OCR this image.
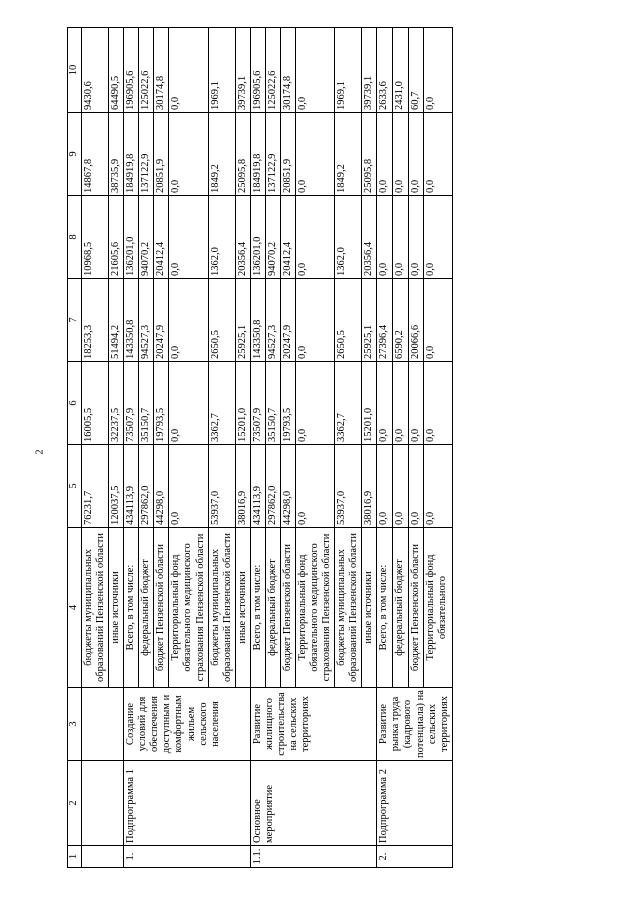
2
1	2	3	4	5	6	7	8	9	10
			бюджеты муниципальных образований Пензенской области	76231,7	16005,5	18253,3	10968,5	14867,8	9430,6
			иные источники	120037,5	32237,5	51494,2	21605,6	38735,9	64490,5
1.	Подпрограмма 1	Создание условий для обеспечения доступным и комфортным жильем сельского населения	Всего, в том числе:	434113,9	73507,9	143350,8	136201,0	184919,8	196905,6
			федеральный бюджет	297862,0	35150,7	94527,3	94070,2	137122,9	125022,6
			бюджет Пензенской области	44298,0	19793,5	20247,9	20412,4	20851,9	30174,8
			Территориальный фонд обязательного медицинского страхования Пензенской области	0,0	0,0	0,0	0,0	0,0	0,0
			бюджеты муниципальных образований Пензенской области	53937,0	3362,7	2650,5	1362,0	1849,2	1969,1
			иные источники	38016,9	15201,0	25925,1	20356,4	25095,8	39739,1
1.1.	Основное мероприятие	Развитие жилищного строительства на сельских территориях	Всего, в том числе:	434113,9	73507,9	143350,8	136201,0	184919,8	196905,6
			федеральный бюджет	297862,0	35150,7	94527,3	94070,2	137122,9	125022,6
			бюджет Пензенской области	44298,0	19793,5	20247,9	20412,4	20851,9	30174,8
			Территориальный фонд обязательного медицинского страхования Пензенской области	0,0	0,0	0,0	0,0	0,0	0,0
			бюджеты муниципальных образований Пензенской области	53937,0	3362,7	2650,5	1362,0	1849,2	1969,1
			иные источники	38016,9	15201,0	25925,1	20356,4	25095,8	39739,1
2.	Подпрограмма 2	Развитие рынка труда (кадрового потенциала) на сельских территориях	Всего, в том числе:	0,0	0,0	27396,4	0,0	0,0	2633,6
			федеральный бюджет	0,0	0,0	6590,2	0,0	0,0	2431,0
			бюджет Пензенской области	0,0	0,0	20066,6	0,0	0,0	60,7
			Территориальный фонд обязательного	0,0	0,0	0,0	0,0	0,0	0,0
